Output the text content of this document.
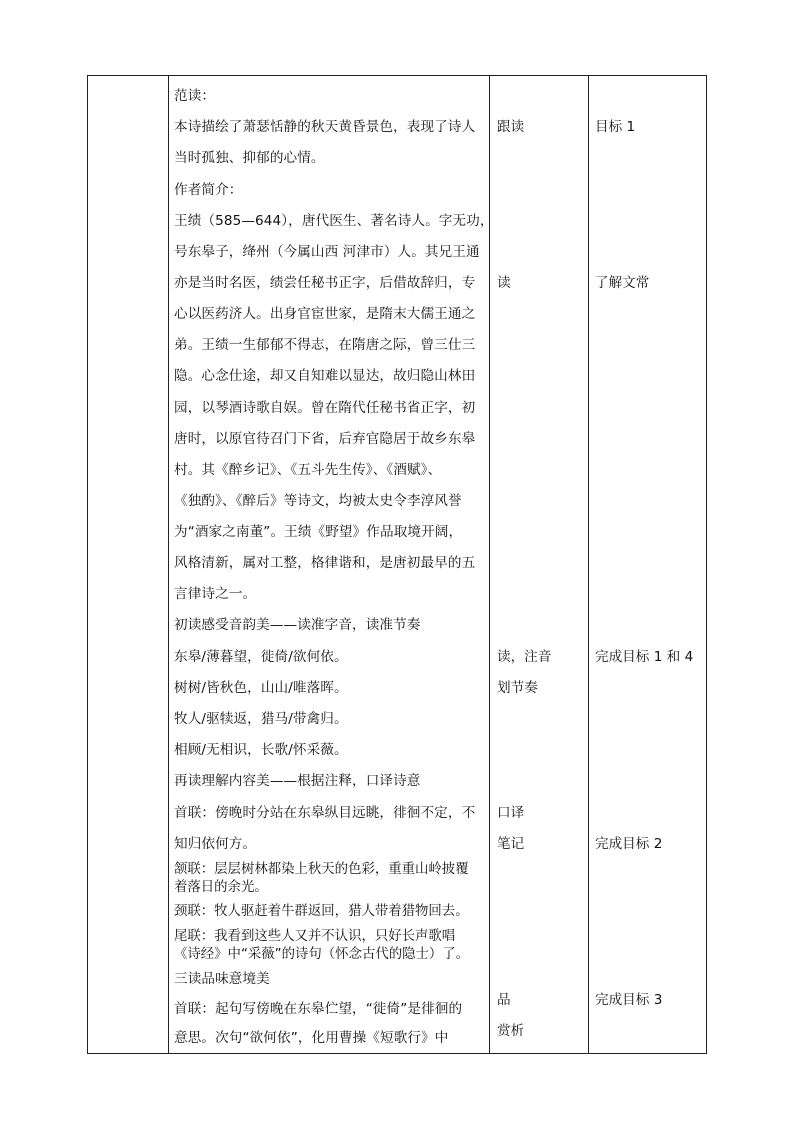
范读：
本诗描绘了萧瑟恬静的秋天黄昏景色，表现了诗人
当时孤独、抑郁的心情。
作者简介：
王绩（585—644），唐代医生、著名诗人。字无功，
号东皋子，绛州（今属山西 河津市）人。其兄王通
亦是当时名医，绩尝任秘书正字，后借故辞归，专
心以医药济人。出身官宦世家，是隋末大儒王通之
弟。王绩一生郁郁不得志，在隋唐之际，曾三仕三
隐。心念仕途，却又自知难以显达，故归隐山林田
园，以琴酒诗歌自娱。曾在隋代任秘书省正字，初
唐时，以原官待召门下省，后弃官隐居于故乡东皋
村。其《醉乡记》、《五斗先生传》、《酒赋》、
《独酌》、《醉后》等诗文，均被太史令李淳风誉
为“酒家之南董”。王绩《野望》作品取境开阔，
风格清新，属对工整，格律谐和，是唐初最早的五
言律诗之一。
初读感受音韵美——读准字音，读准节奏
东皋/薄暮望，徙倚/欲何依。
树树/皆秋色，山山/唯落晖。
牧人/驱犊返，猎马/带禽归。
相顾/无相识，长歌/怀采薇。
再读理解内容美——根据注释，口译诗意
首联：傍晚时分站在东皋纵目远眺，徘徊不定，不
知归依何方。
颔联：层层树林都染上秋天的色彩，重重山岭披覆
着落日的余光。
颈联：牧人驱赶着牛群返回，猎人带着猎物回去。
尾联：我看到这些人又并不认识，只好长声歌唱
《诗经》中“采薇”的诗句（怀念古代的隐士）了。
三读品味意境美
首联：起句写傍晚在东皋伫望，“徙倚”是徘徊的
意思。次句“欲何依”，化用曹操《短歌行》中
跟读
读
读，注音
划节奏
口译
笔记
品
赏析
目标 1
了解文常
完成目标 1 和 4
完成目标 2
完成目标 3
